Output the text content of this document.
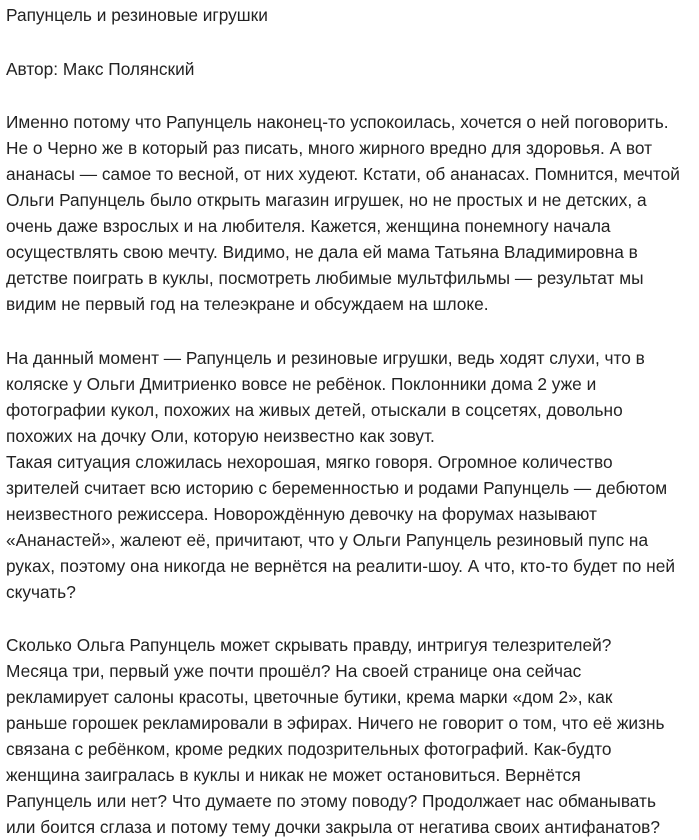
Рапунцель и резиновые игрушки
Автор: Макс Полянский
Именно потому что Рапунцель наконец-то успокоилась, хочется о ней поговорить.
Не о Черно же в который раз писать, много жирного вредно для здоровья. А вот
ананасы — самое то весной, от них худеют. Кстати, об ананасах. Помнится, мечтой
Ольги Рапунцель было открыть магазин игрушек, но не простых и не детских, а
очень даже взрослых и на любителя. Кажется, женщина понемногу начала
осуществлять свою мечту. Видимо, не дала ей мама Татьяна Владимировна в
детстве поиграть в куклы, посмотреть любимые мультфильмы — результат мы
видим не первый год на телеэкране и обсуждаем на шлоке.
На данный момент — Рапунцель и резиновые игрушки, ведь ходят слухи, что в
коляске у Ольги Дмитриенко вовсе не ребёнок. Поклонники дома 2 уже и
фотографии кукол, похожих на живых детей, отыскали в соцсетях, довольно
похожих на дочку Оли, которую неизвестно как зовут.
Такая ситуация сложилась нехорошая, мягко говоря. Огромное количество
зрителей считает всю историю с беременностью и родами Рапунцель — дебютом
неизвестного режиссера. Новорождённую девочку на форумах называют
«Ананастей», жалеют её, причитают, что у Ольги Рапунцель резиновый пупс на
руках, поэтому она никогда не вернётся на реалити-шоу. А что, кто-то будет по ней
скучать?
Сколько Ольга Рапунцель может скрывать правду, интригуя телезрителей?
Месяца три, первый уже почти прошёл? На своей странице она сейчас
рекламирует салоны красоты, цветочные бутики, крема марки «дом 2», как
раньше горошек рекламировали в эфирах. Ничего не говорит о том, что её жизнь
связана с ребёнком, кроме редких подозрительных фотографий. Как-будто
женщина заигралась в куклы и никак не может остановиться. Вернётся
Рапунцель или нет? Что думаете по этому поводу? Продолжает нас обманывать
или боится сглаза и потому тему дочки закрыла от негатива своих антифанатов?
